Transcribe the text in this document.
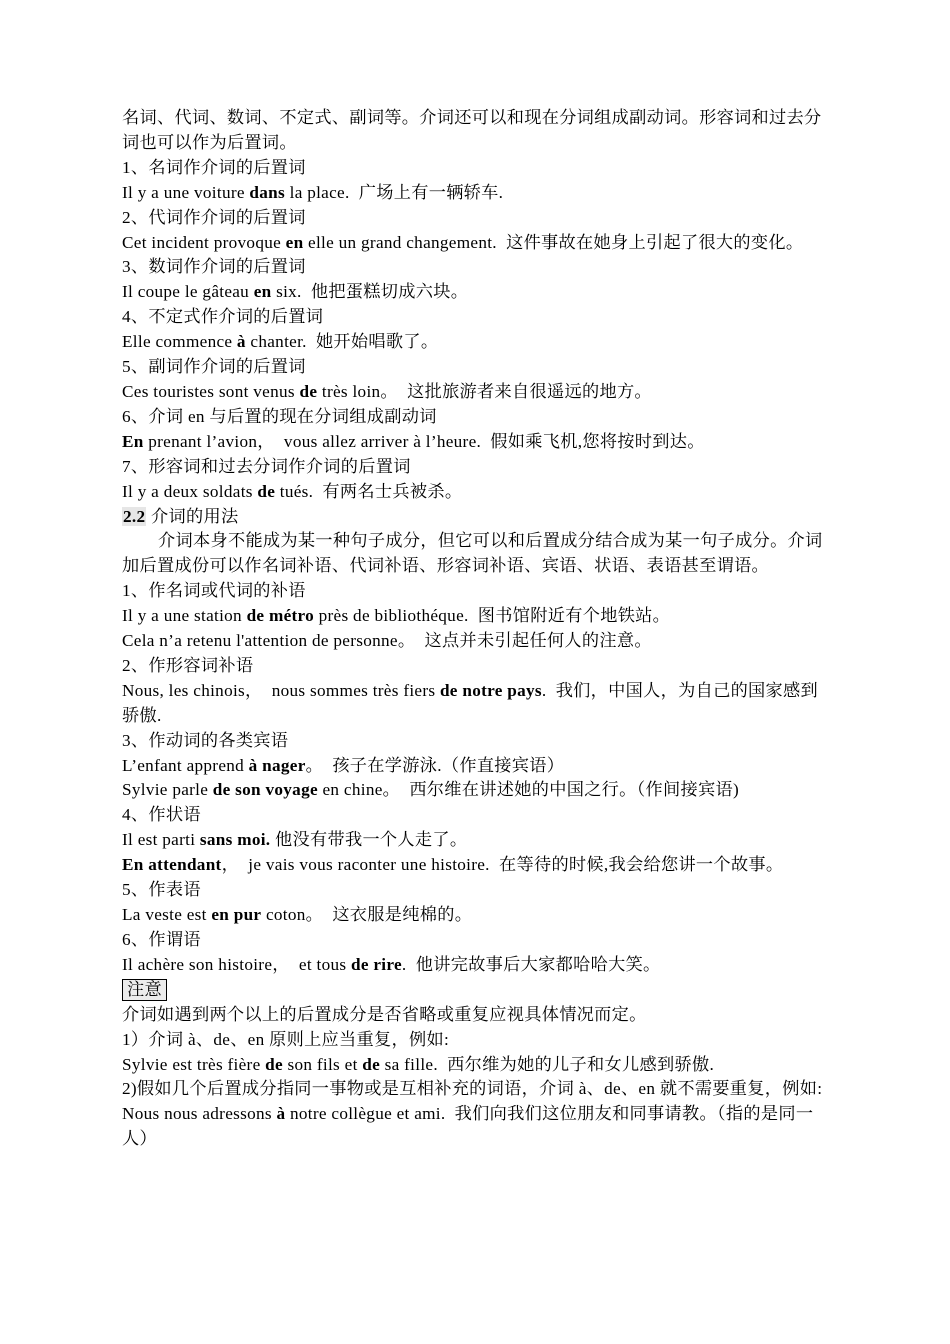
名词、代词、数词、不定式、副词等。介词还可以和现在分词组成副动词。形容词和过去分词也可以作为后置词。
1、名词作介词的后置词
Il y a une voiture dans la place.  广场上有一辆轿车.
2、代词作介词的后置词
Cet incident provoque en elle un grand changement.  这件事故在她身上引起了很大的变化。
3、数词作介词的后置词
Il coupe le gâteau en six.  他把蛋糕切成六块。
4、不定式作介词的后置词
Elle commence à chanter.  她开始唱歌了。
5、副词作介词的后置词
Ces touristes sont venus de très loin。  这批旅游者来自很遥远的地方。
6、介词 en 与后置的现在分词组成副动词
En prenant l’avion，  vous allez arriver à l’heure.  假如乘飞机,您将按时到达。
7、形容词和过去分词作介词的后置词
Il y a deux soldats de tués.  有两名士兵被杀。
2.2 介词的用法
介词本身不能成为某一种句子成分，但它可以和后置成分结合成为某一句子成分。介词加后置成份可以作名词补语、代词补语、形容词补语、宾语、状语、表语甚至谓语。
1、作名词或代词的补语
Il y a une station de métro près de bibliothéque.  图书馆附近有个地铁站。
Cela n’a retenu l'attention de personne。  这点并未引起任何人的注意。
2、作形容词补语
Nous, les chinois，  nous sommes très fiers de notre pays.  我们，中国人，为自己的国家感到骄傲.
3、作动词的各类宾语
L’enfant apprend à nager。  孩子在学游泳.（作直接宾语）
Sylvie parle de son voyage en chine。  西尔维在讲述她的中国之行。（作间接宾语)
4、作状语
Il est parti sans moi. 他没有带我一个人走了。
En attendant，  je vais vous raconter une histoire.  在等待的时候,我会给您讲一个故事。
5、作表语
La veste est en pur coton。  这衣服是纯棉的。
6、作谓语
Il achère son histoire，  et tous de rire.  他讲完故事后大家都哈哈大笑。
注意
介词如遇到两个以上的后置成分是否省略或重复应视具体情况而定。
1）介词 à、de、en 原则上应当重复，例如:
Sylvie est très fière de son fils et de sa fille.  西尔维为她的儿子和女儿感到骄傲.
2)假如几个后置成分指同一事物或是互相补充的词语，介词 à、de、en 就不需要重复，例如:
Nous nous adressons à notre collègue et ami.  我们向我们这位朋友和同事请教。（指的是同一人）
